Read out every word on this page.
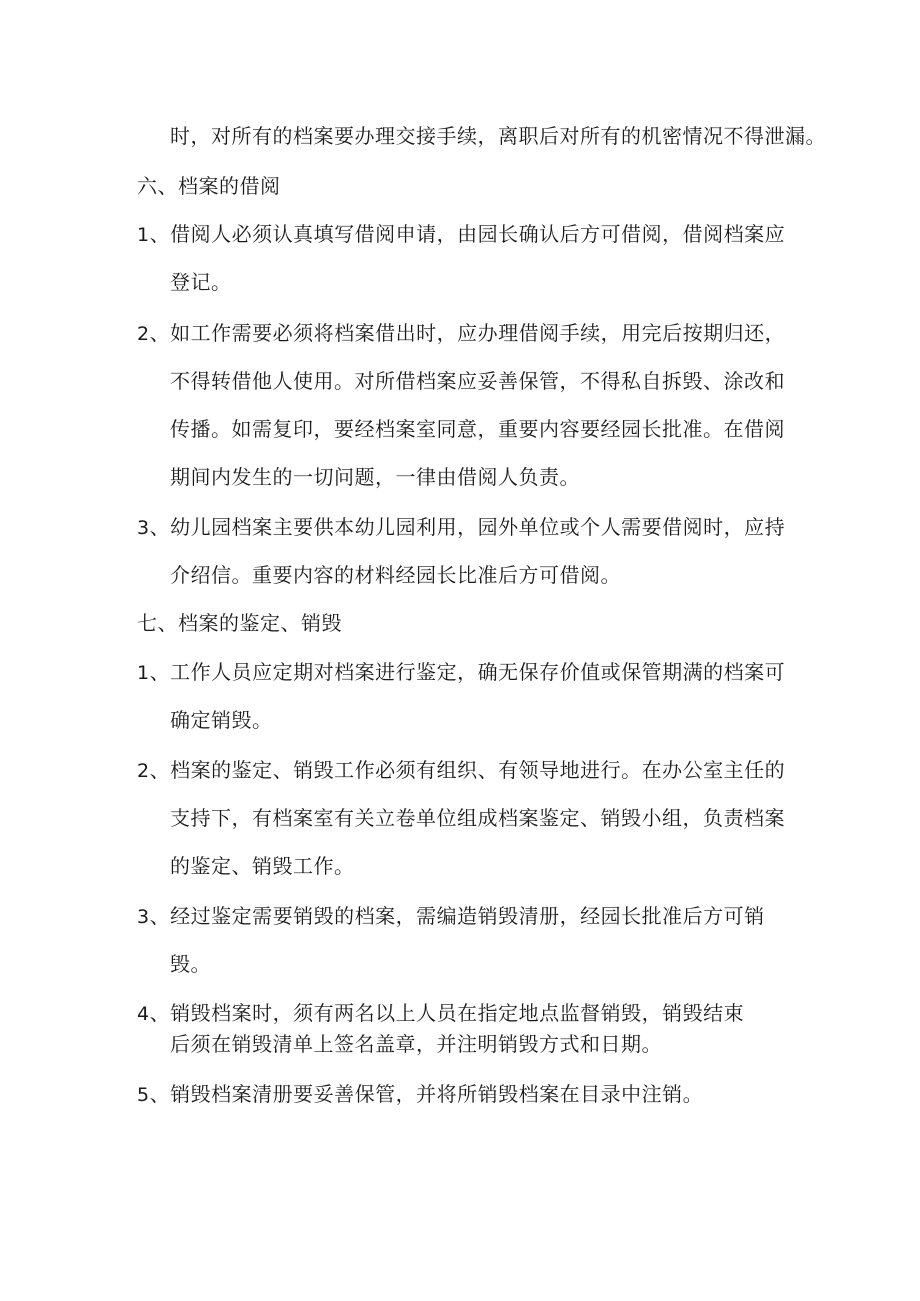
时，对所有的档案要办理交接手续，离职后对所有的机密情况不得泄漏。
六、档案的借阅
1、借阅人必须认真填写借阅申请，由园长确认后方可借阅，借阅档案应
登记。
2、如工作需要必须将档案借出时，应办理借阅手续，用完后按期归还，
不得转借他人使用。对所借档案应妥善保管，不得私自拆毁、涂改和
传播。如需复印，要经档案室同意，重要内容要经园长批准。在借阅
期间内发生的一切问题，一律由借阅人负责。
3、幼儿园档案主要供本幼儿园利用，园外单位或个人需要借阅时，应持
介绍信。重要内容的材料经园长比准后方可借阅。
七、档案的鉴定、销毁
1、工作人员应定期对档案进行鉴定，确无保存价值或保管期满的档案可
确定销毁。
2、档案的鉴定、销毁工作必须有组织、有领导地进行。在办公室主任的
支持下，有档案室有关立卷单位组成档案鉴定、销毁小组，负责档案
的鉴定、销毁工作。
3、经过鉴定需要销毁的档案，需编造销毁清册，经园长批准后方可销
毁。
4、销毁档案时，须有两名以上人员在指定地点监督销毁，销毁结束
后须在销毁清单上签名盖章，并注明销毁方式和日期。
5、销毁档案清册要妥善保管，并将所销毁档案在目录中注销。
